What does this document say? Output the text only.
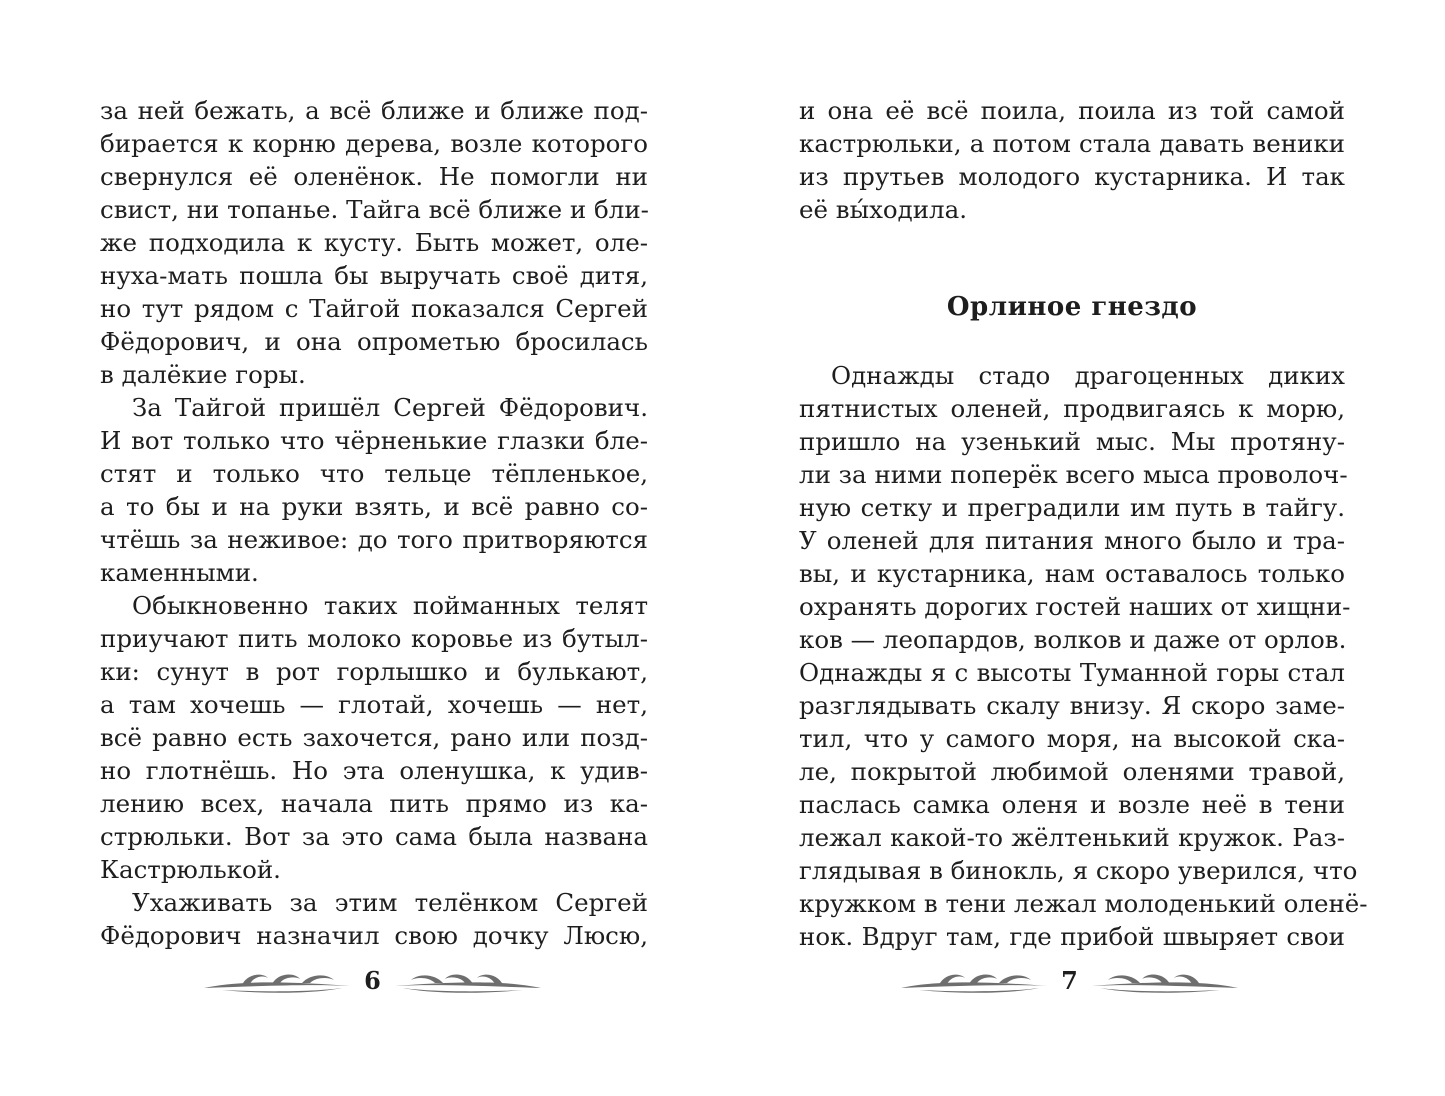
за ней бежать, а всё ближе и ближе под-
бирается к корню дерева, возле которого
свернулся её оленёнок. Не помогли ни
свист, ни топанье. Тайга всё ближе и бли-
же подходила к кусту. Быть может, оле-
нуха-мать пошла бы выручать своё дитя,
но тут рядом с Тайгой показался Сергей
Фёдорович, и она опрометью бросилась
в далёкие горы.
За Тайгой пришёл Сергей Фёдорович.
И вот только что чёрненькие глазки бле-
стят и только что тельце тёпленькое,
а то бы и на руки взять, и всё равно со-
чтёшь за неживое: до того притворяются
каменными.
Обыкновенно таких пойманных телят
приучают пить молоко коровье из бутыл-
ки: сунут в рот горлышко и булькают,
а там хочешь — глотай, хочешь — нет,
всё равно есть захочется, рано или позд-
но глотнёшь. Но эта оленушка, к удив-
лению всех, начала пить прямо из ка-
стрюльки. Вот за это сама была названа
Кастрюлькой.
Ухаживать за этим телёнком Сергей
Фёдорович назначил свою дочку Люсю,
6
и она её всё поила, поила из той самой
кастрюльки, а потом стала давать веники
из прутьев молодого кустарника. И так
её вы́ходила.
Орлиное гнездо
Однажды стадо драгоценных диких
пятнистых оленей, продвигаясь к морю,
пришло на узенький мыс. Мы протяну-
ли за ними поперёк всего мыса проволоч-
ную сетку и преградили им путь в тайгу.
У оленей для питания много было и тра-
вы, и кустарника, нам оставалось только
охранять дорогих гостей наших от хищни-
ков — леопардов, волков и даже от орлов.
Однажды я с высоты Туманной горы стал
разглядывать скалу внизу. Я скоро заме-
тил, что у самого моря, на высокой ска-
ле, покрытой любимой оленями травой,
паслась самка оленя и возле неё в тени
лежал какой-то жёлтенький кружок. Раз-
глядывая в бинокль, я скоро уверился, что
кружком в тени лежал молоденький оленё-
нок. Вдруг там, где прибой швыряет свои
7
